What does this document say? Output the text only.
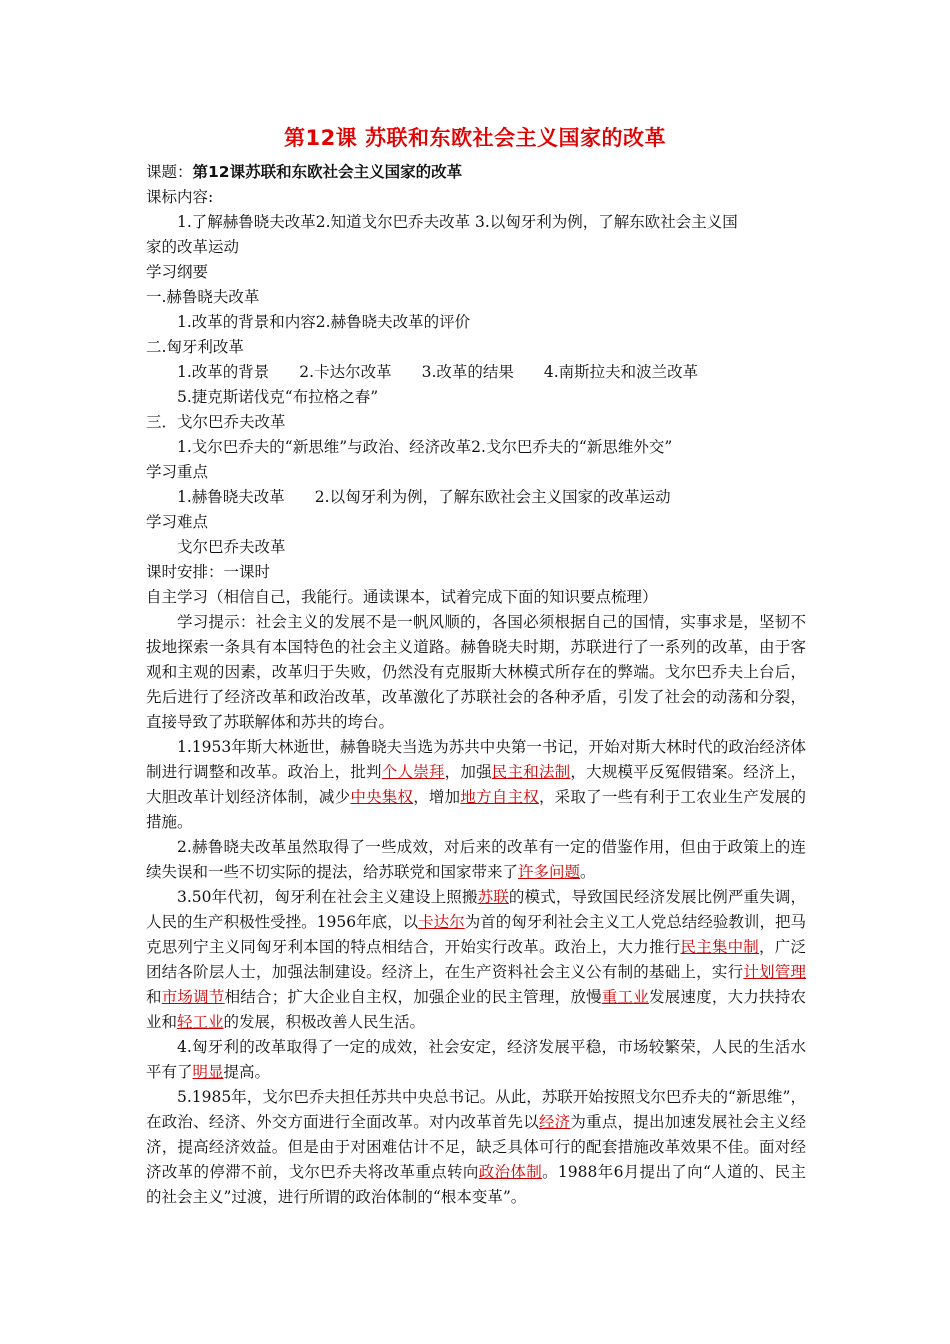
第12课 苏联和东欧社会主义国家的改革
课题：第12课苏联和东欧社会主义国家的改革
课标内容:
1.了解赫鲁晓夫改革2.知道戈尔巴乔夫改革 3.以匈牙利为例，了解东欧社会主义国
家的改革运动
学习纲要
一.赫鲁晓夫改革
1.改革的背景和内容2.赫鲁晓夫改革的评价
二.匈牙利改革
1.改革的背景 2.卡达尔改革 3.改革的结果 4.南斯拉夫和波兰改革
5.捷克斯诺伐克“布拉格之春”
三．戈尔巴乔夫改革
1.戈尔巴乔夫的“新思维”与政治、经济改革2.戈尔巴乔夫的“新思维外交”
学习重点
1.赫鲁晓夫改革 2.以匈牙利为例，了解东欧社会主义国家的改革运动
学习难点
戈尔巴乔夫改革
课时安排：一课时
自主学习（相信自己，我能行。通读课本，试着完成下面的知识要点梳理）

学习提示：社会主义的发展不是一帆风顺的，各国必须根据自己的国情，实事求是，坚韧不拔地探索一条具有本国特色的社会主义道路。赫鲁晓夫时期，苏联进行了一系列的改革，由于客观和主观的因素，改革归于失败，仍然没有克服斯大林模式所存在的弊端。戈尔巴乔夫上台后，先后进行了经济改革和政治改革，改革激化了苏联社会的各种矛盾，引发了社会的动荡和分裂，直接导致了苏联解体和苏共的垮台。

1.1953年斯大林逝世，赫鲁晓夫当选为苏共中央第一书记，开始对斯大林时代的政治经济体制进行调整和改革。政治上，批判个人崇拜，加强民主和法制，大规模平反冤假错案。经济上，大胆改革计划经济体制，减少中央集权，增加地方自主权，采取了一些有利于工农业生产发展的措施。

2.赫鲁晓夫改革虽然取得了一些成效，对后来的改革有一定的借鉴作用，但由于政策上的连续失误和一些不切实际的提法，给苏联党和国家带来了许多问题。

3.50年代初，匈牙利在社会主义建设上照搬苏联的模式，导致国民经济发展比例严重失调，人民的生产积极性受挫。1956年底，以卡达尔为首的匈牙利社会主义工人党总结经验教训，把马克思列宁主义同匈牙利本国的特点相结合，开始实行改革。政治上，大力推行民主集中制，广泛团结各阶层人士，加强法制建设。经济上，在生产资料社会主义公有制的基础上，实行计划管理和市场调节相结合；扩大企业自主权，加强企业的民主管理，放慢重工业发展速度，大力扶持农业和轻工业的发展，积极改善人民生活。

4.匈牙利的改革取得了一定的成效，社会安定，经济发展平稳，市场较繁荣，人民的生活水平有了明显提高。

5.1985年，戈尔巴乔夫担任苏共中央总书记。从此，苏联开始按照戈尔巴乔夫的“新思维”，在政治、经济、外交方面进行全面改革。对内改革首先以经济为重点，提出加速发展社会主义经济，提高经济效益。但是由于对困难估计不足，缺乏具体可行的配套措施改革效果不佳。面对经济改革的停滞不前，戈尔巴乔夫将改革重点转向政治体制。1988年6月提出了向“人道的、民主的社会主义”过渡，进行所谓的政治体制的“根本变革”。
